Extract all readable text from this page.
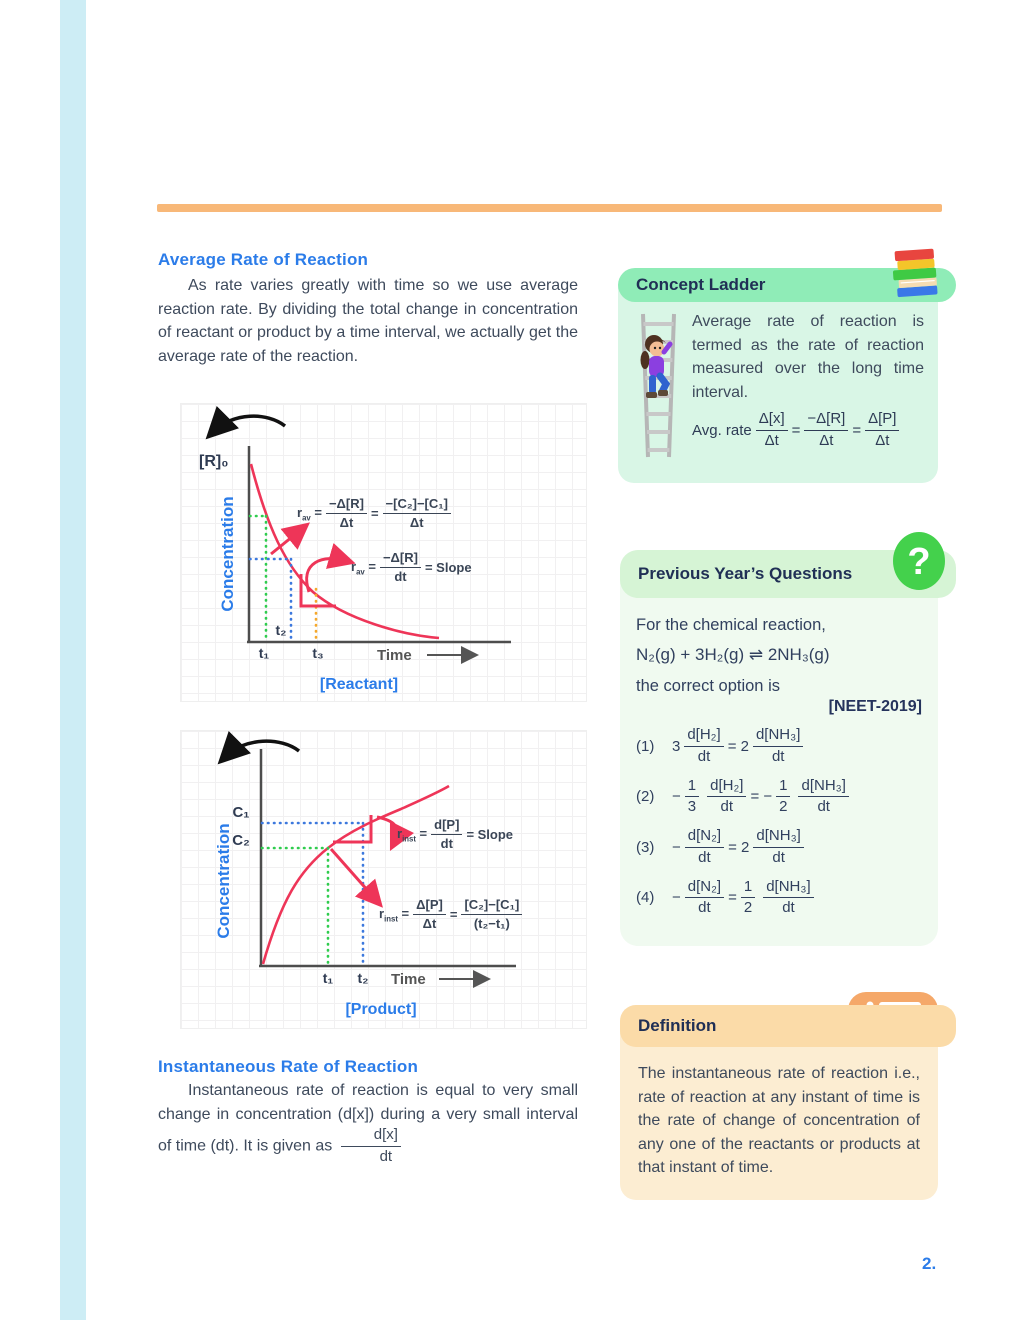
Average Rate of Reaction
As rate varies greatly with time so we use average reaction rate. By dividing the total change in concentration of reactant or product by a time interval, we actually get the average rate of the reaction.
[R]₀
t₁
t₂
t₃	Time
Concentration
[Reactant]
$r_{av} = \frac{-\Delta[R]}{\Delta t} = \frac{\text{−[C₂]−[C₁]}}{\Delta t}$
$r_{av} = \frac{-\Delta[R]}{dt}$ = Slope
C₁
C₂
t₁ t₂ Time
Concentration
[Product]
$r_{inst} = \frac{d[P]}{dt}$ = Slope
$r_{inst} = \frac{\Delta[P]}{\Delta t} = \frac{\text{[C₂]−[C₁]}}{\text{(t₂−t₁)}}$
Instantaneous Rate of Reaction
Instantaneous rate of reaction is equal to very small change in concentration (d[x]) during a very small interval of time (dt). It is given as $\frac{d[x]}{dt}$
Concept Ladder
Average rate of reaction is termed as the rate of reaction measured over the long time interval.
Avg. rate $\frac{\Delta[x]}{\Delta t} = \frac{-\Delta[R]}{\Delta t} = \frac{\Delta[P]}{\Delta t}$
?
Previous Year’s Questions
For the chemical reaction,
N₂(g) + 3H₂(g) ⇌ 2NH₃(g)
the correct option is
[NEET-2019]
(1)	$3 \frac{\text{d[H₂]}}{dt} = 2 \frac{\text{d[NH₃]}}{dt}$
(2)	− $\frac{1}{3} \frac{\text{d[H₂]}}{dt}$ = − $\frac{1}{2} \frac{\text{d[NH₃]}}{dt}$
(3)	− $\frac{\text{d[N₂]}}{dt} = 2 \frac{\text{d[NH₃]}}{dt}$
(4)	− $\frac{\text{d[N₂]}}{dt} = \frac{1}{2} \frac{\text{d[NH₃]}}{dt}$
Definition
The instantaneous rate of reaction i.e., rate of reaction at any instant of time is the rate of change of concentration of any one of the reactants or products at that instant of time.
2.
